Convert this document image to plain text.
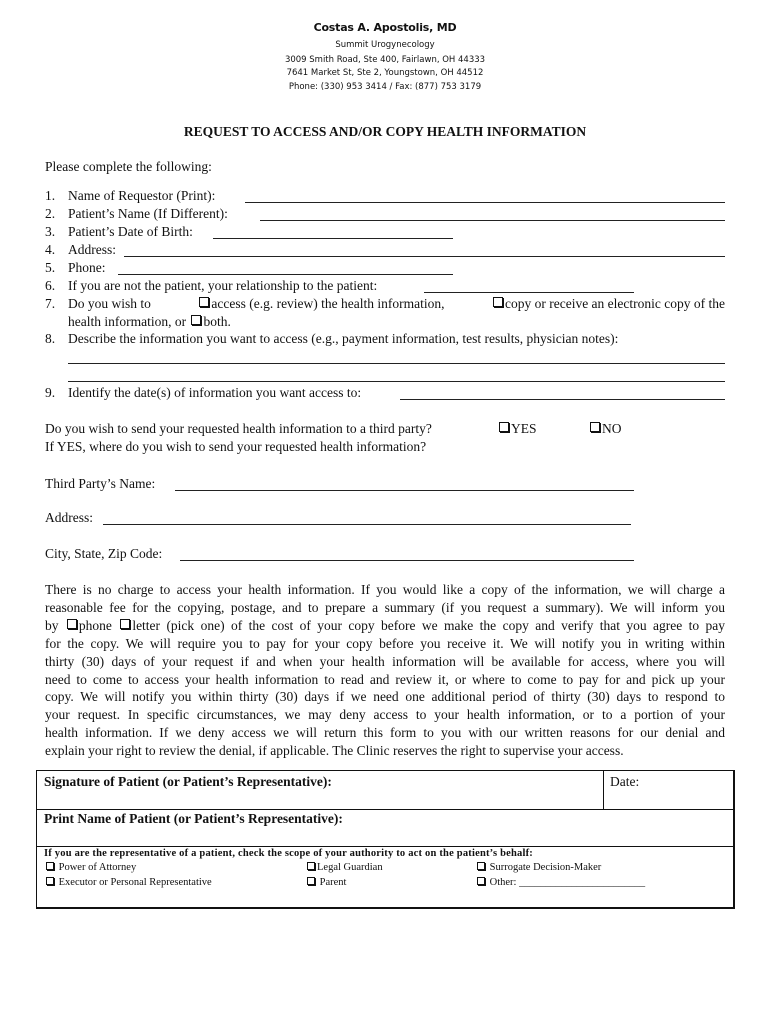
Costas A. Apostolis, MD
Summit Urogynecology
3009 Smith Road, Ste 400, Fairlawn, OH 44333
7641 Market St, Ste 2, Youngstown, OH 44512
Phone: (330) 953 3414 / Fax: (877) 753 3179
REQUEST TO ACCESS AND/OR COPY HEALTH INFORMATION
Please complete the following:
1. Name of Requestor (Print):
2. Patient’s Name (If Different):
3. Patient’s Date of Birth:
4. Address:
5. Phone:
6. If you are not the patient, your relationship to the patient:
7. Do you wish to	access (e.g. review) the health information,	copy or receive an electronic copy of the
health information, or both.
8. Describe the information you want to access (e.g., payment information, test results, physician notes):
9. Identify the date(s) of information you want access to:
Do you wish to send your requested health information to a third party?	YES	NO
If YES, where do you wish to send your requested health information?
Third Party’s Name:
Address:
City, State, Zip Code:
There is no charge to access your health information. If you would like a copy of the information, we will charge a
reasonable fee for the copying, postage, and to prepare a summary (if you request a summary). We will inform you
by phone letter (pick one) of the cost of your copy before we make the copy and verify that you agree to pay
for the copy. We will require you to pay for your copy before you receive it. We will notify you in writing within
thirty (30) days of your request if and when your health information will be available for access, where you will
need to come to access your health information to read and review it, or where to come to pay for and pick up your
copy. We will notify you within thirty (30) days if we need one additional period of thirty (30) days to respond to
your request. In specific circumstances, we may deny access to your health information, or to a portion of your
health information. If we deny access we will return this form to you with our written reasons for our denial and
explain your right to review the denial, if applicable. The Clinic reserves the right to supervise your access.
Signature of Patient (or Patient’s Representative):	Date:
Print Name of Patient (or Patient’s Representative):
If you are the representative of a patient, check the scope of your authority to act on the patient’s behalf:
Power of Attorney	Legal Guardian	Surrogate Decision-Maker
Executor or Personal Representative	Parent	Other: ________________________
